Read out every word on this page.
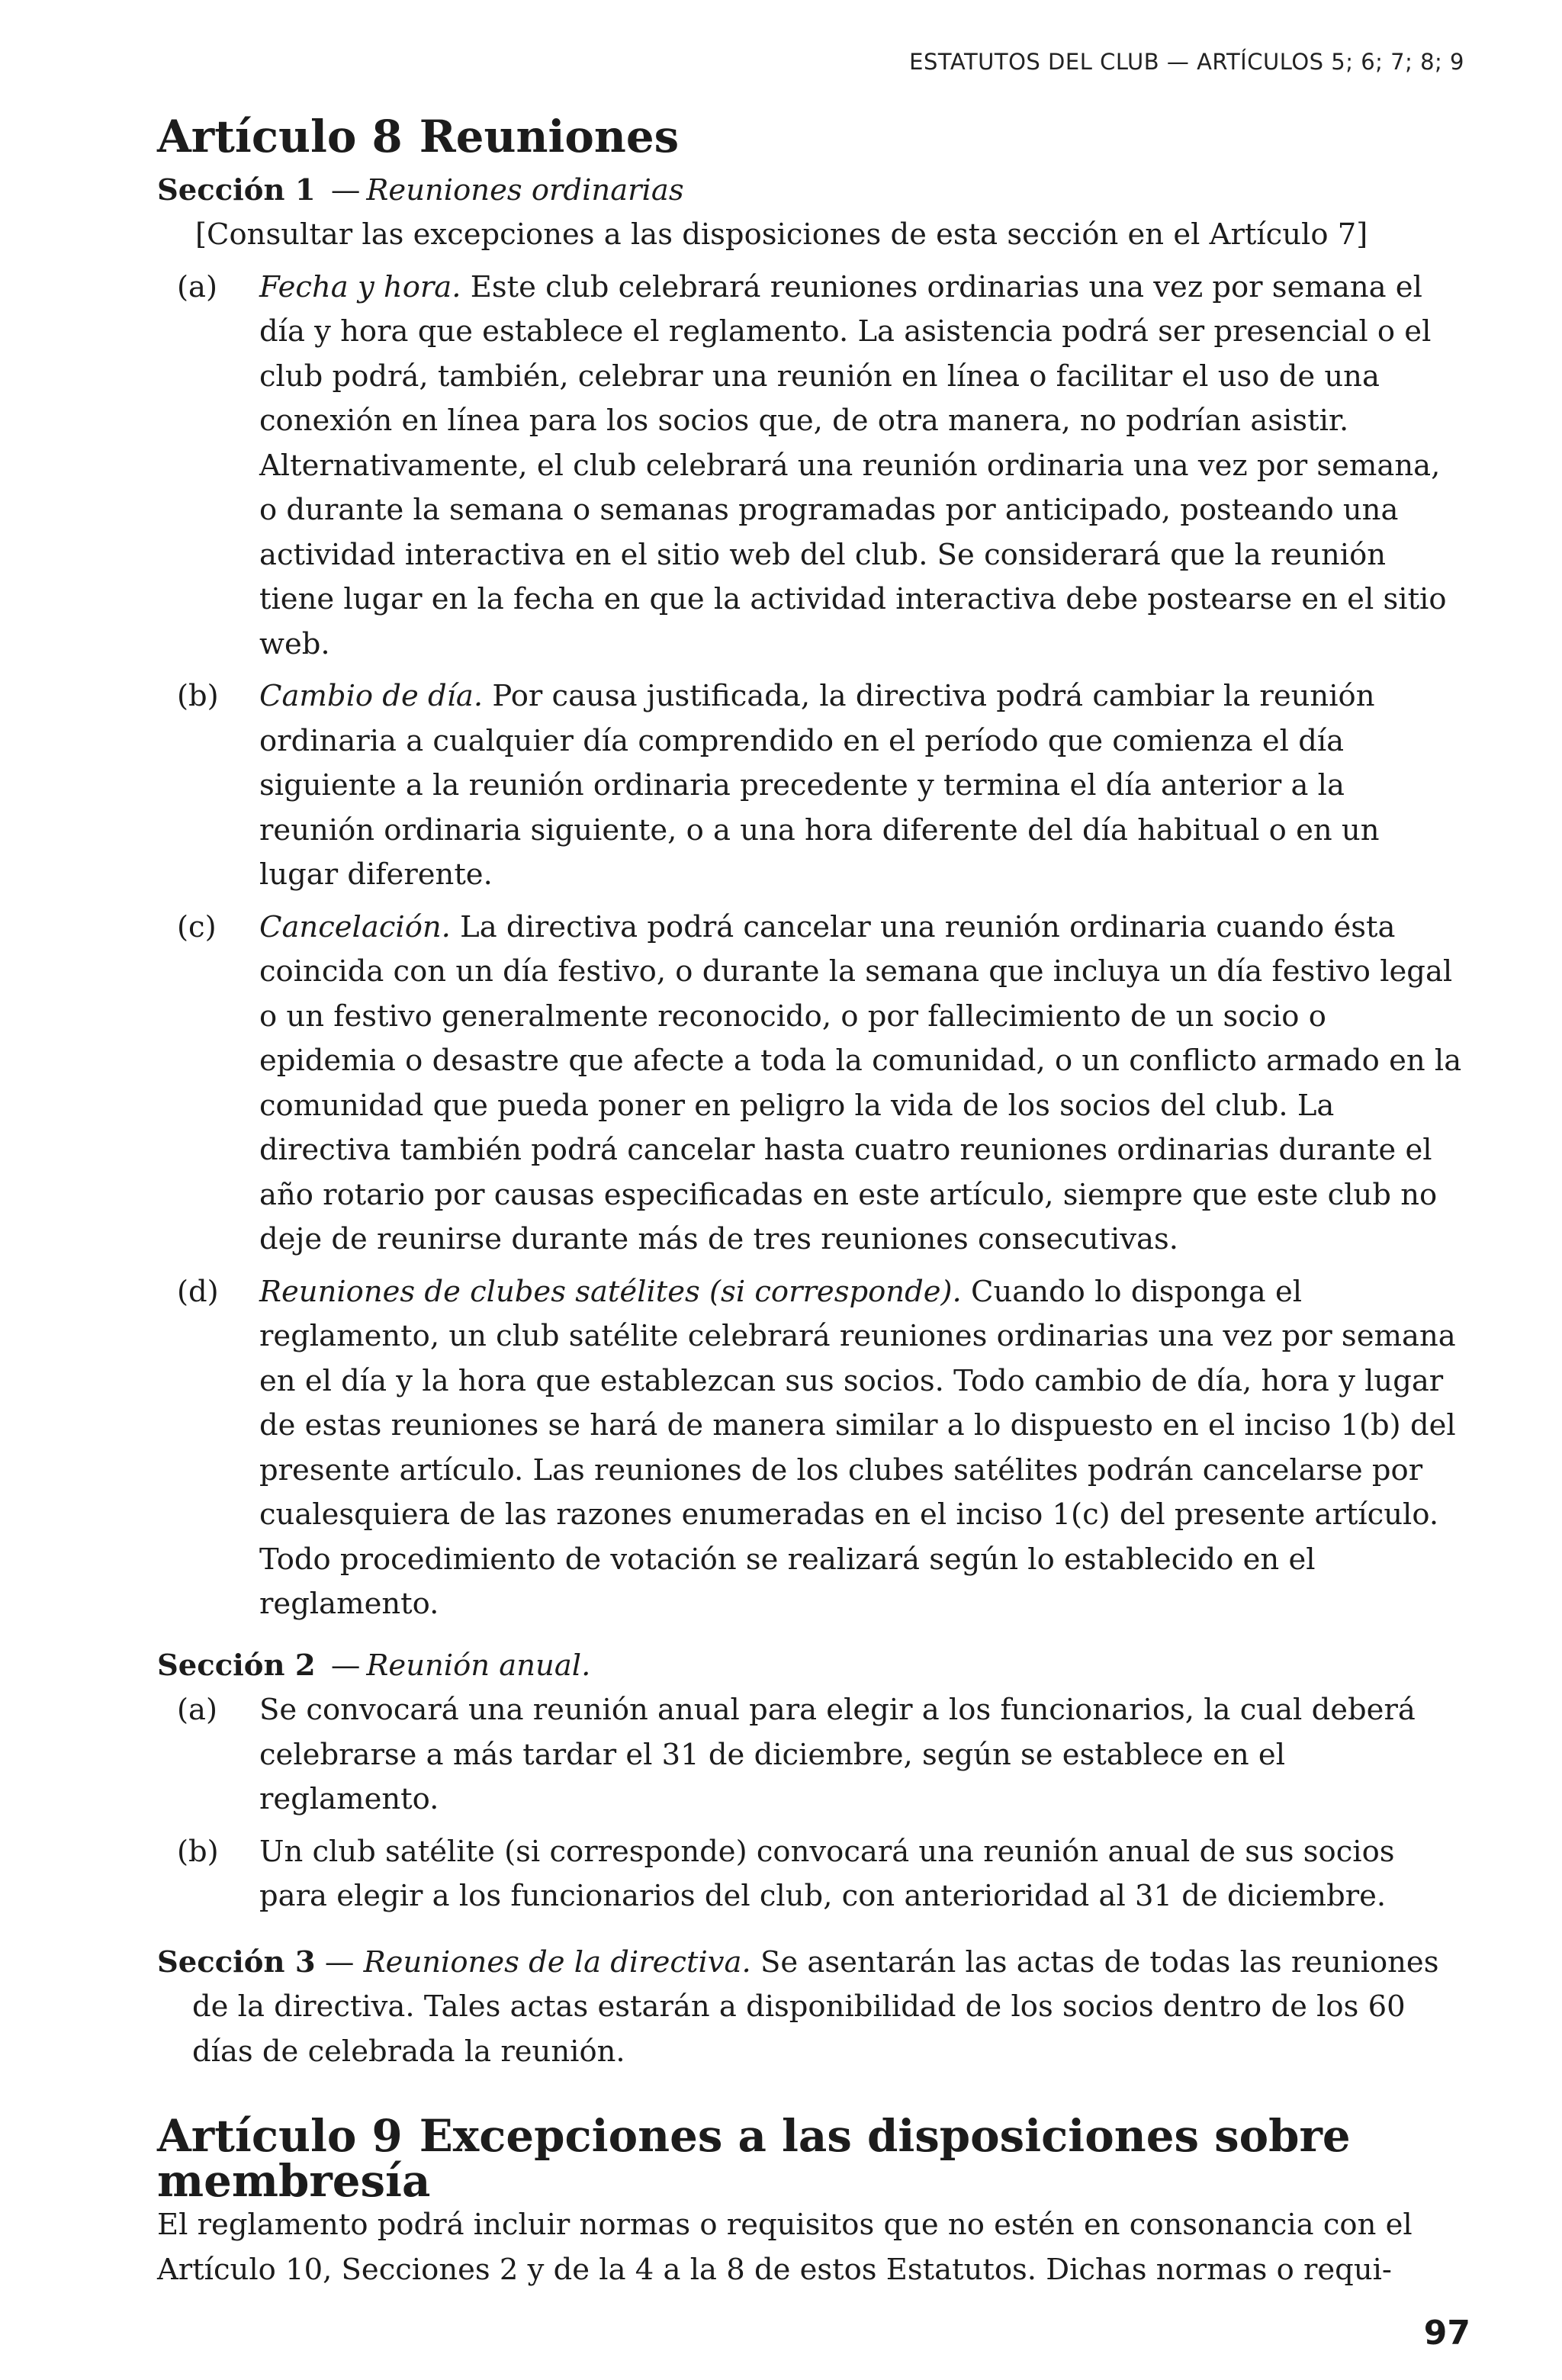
ESTATUTOS DEL CLUB — ARTÍCULOS 5; 6; 7; 8; 9
Artículo 8 Reuniones
Sección 1 — Reuniones ordinarias
[Consultar las excepciones a las disposiciones de esta sección en el Artículo 7]
(a) Fecha y hora. Este club celebrará reuniones ordinarias una vez por semana el día y hora que establece el reglamento. La asistencia podrá ser presencial o el club podrá, también, celebrar una reunión en línea o facilitar el uso de una conexión en línea para los socios que, de otra manera, no podrían asistir. Alternativamente, el club celebrará una reunión ordinaria una vez por semana, o durante la semana o semanas programadas por anticipado, posteando una actividad interactiva en el sitio web del club. Se considerará que la reunión tiene lugar en la fecha en que la actividad interactiva debe postearse en el sitio web.
(b) Cambio de día. Por causa justificada, la directiva podrá cambiar la reunión ordinaria a cualquier día comprendido en el período que comienza el día siguiente a la reunión ordinaria precedente y termina el día anterior a la reunión ordinaria siguiente, o a una hora diferente del día habitual o en un lugar diferente.
(c) Cancelación. La directiva podrá cancelar una reunión ordinaria cuando ésta coincida con un día festivo, o durante la semana que incluya un día festivo legal o un festivo generalmente reconocido, o por fallecimiento de un socio o epidemia o desastre que afecte a toda la comunidad, o un conflicto armado en la comunidad que pueda poner en peligro la vida de los socios del club. La directiva también podrá cancelar hasta cuatro reuniones ordinarias durante el año rotario por causas especificadas en este artículo, siempre que este club no deje de reunirse durante más de tres reuniones consecutivas.
(d) Reuniones de clubes satélites (si corresponde). Cuando lo disponga el reglamento, un club satélite celebrará reuniones ordinarias una vez por semana en el día y la hora que establezcan sus socios. Todo cambio de día, hora y lugar de estas reuniones se hará de manera similar a lo dispuesto en el inciso 1(b) del presente artículo. Las reuniones de los clubes satélites podrán cancelarse por cualesquiera de las razones enumeradas en el inciso 1(c) del presente artículo. Todo procedimiento de votación se realizará según lo establecido en el reglamento.
Sección 2 — Reunión anual.
(a) Se convocará una reunión anual para elegir a los funcionarios, la cual deberá celebrarse a más tardar el 31 de diciembre, según se establece en el reglamento.
(b) Un club satélite (si corresponde) convocará una reunión anual de sus socios para elegir a los funcionarios del club, con anterioridad al 31 de diciembre.
Sección 3 — Reuniones de la directiva. Se asentarán las actas de todas las reuniones de la directiva. Tales actas estarán a disponibilidad de los socios dentro de los 60 días de celebrada la reunión.
Artículo 9 Excepciones a las disposiciones sobre membresía
El reglamento podrá incluir normas o requisitos que no estén en consonancia con el Artículo 10, Secciones 2 y de la 4 a la 8 de estos Estatutos. Dichas normas o requi-
97
